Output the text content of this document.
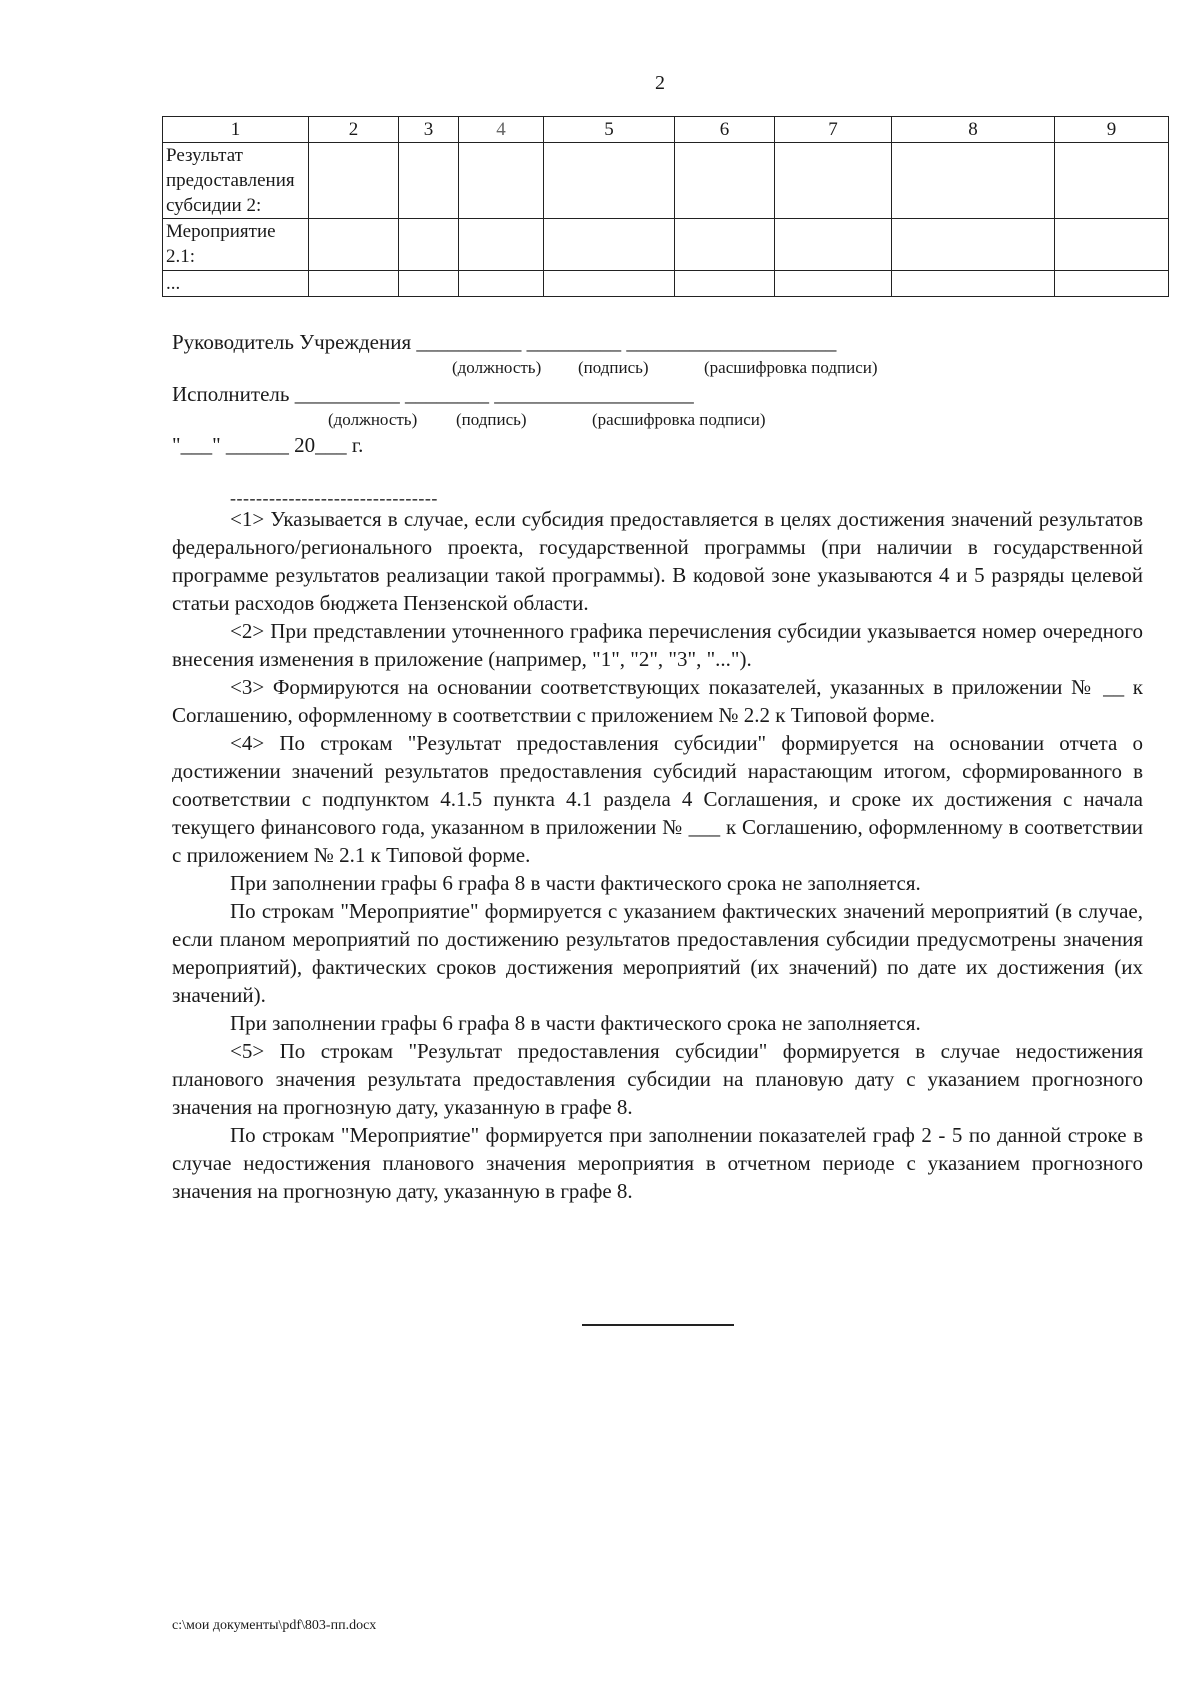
2
1	2	3	4	5	6	7	8	9

Результат
предоставления
субсидии 2:								

Мероприятие
2.1:								

...								

Руководитель Учреждения __________ _________ ____________________
(должность) (подпись)	(расшифровка подписи)
Исполнитель __________ ________ ___________________
(должность) (подпись)	(расшифровка подписи)
"___" ______ 20___ г.
--------------------------------

<1> Указывается в случае, если субсидия предоставляется в целях достижения значений результатов федерального/регионального проекта, государственной программы (при наличии в государственной программе результатов реализации такой программы). В кодовой зоне указываются 4 и 5 разряды целевой статьи расходов бюджета Пензенской области.

<2> При представлении уточненного графика перечисления субсидии указывается номер очередного внесения изменения в приложение (например, "1", "2", "3", "...").

<3> Формируются на основании соответствующих показателей, указанных в приложении № __ к Соглашению, оформленному в соответствии с приложением № 2.2 к Типовой форме.

<4> По строкам "Результат предоставления субсидии" формируется на основании отчета о достижении значений результатов предоставления субсидий нарастающим итогом, сформированного в соответствии с подпунктом 4.1.5 пункта 4.1 раздела 4 Соглашения, и сроке их достижения с начала текущего финансового года, указанном в приложении № ___ к Соглашению, оформленному в соответствии с приложением № 2.1 к Типовой форме.

При заполнении графы 6 графа 8 в части фактического срока не заполняется.

По строкам "Мероприятие" формируется с указанием фактических значений мероприятий (в случае, если планом мероприятий по достижению результатов предоставления субсидии предусмотрены значения мероприятий), фактических сроков достижения мероприятий (их значений) по дате их достижения (их значений).

При заполнении графы 6 графа 8 в части фактического срока не заполняется.

<5> По строкам "Результат предоставления субсидии" формируется в случае недостижения планового значения результата предоставления субсидии на плановую дату с указанием прогнозного значения на прогнозную дату, указанную в графе 8.

По строкам "Мероприятие" формируется при заполнении показателей граф 2 - 5 по данной строке в случае недостижения планового значения мероприятия в отчетном периоде с указанием прогнозного значения на прогнозную дату, указанную в графе 8.

c:\мои документы\pdf\803-пп.docx
